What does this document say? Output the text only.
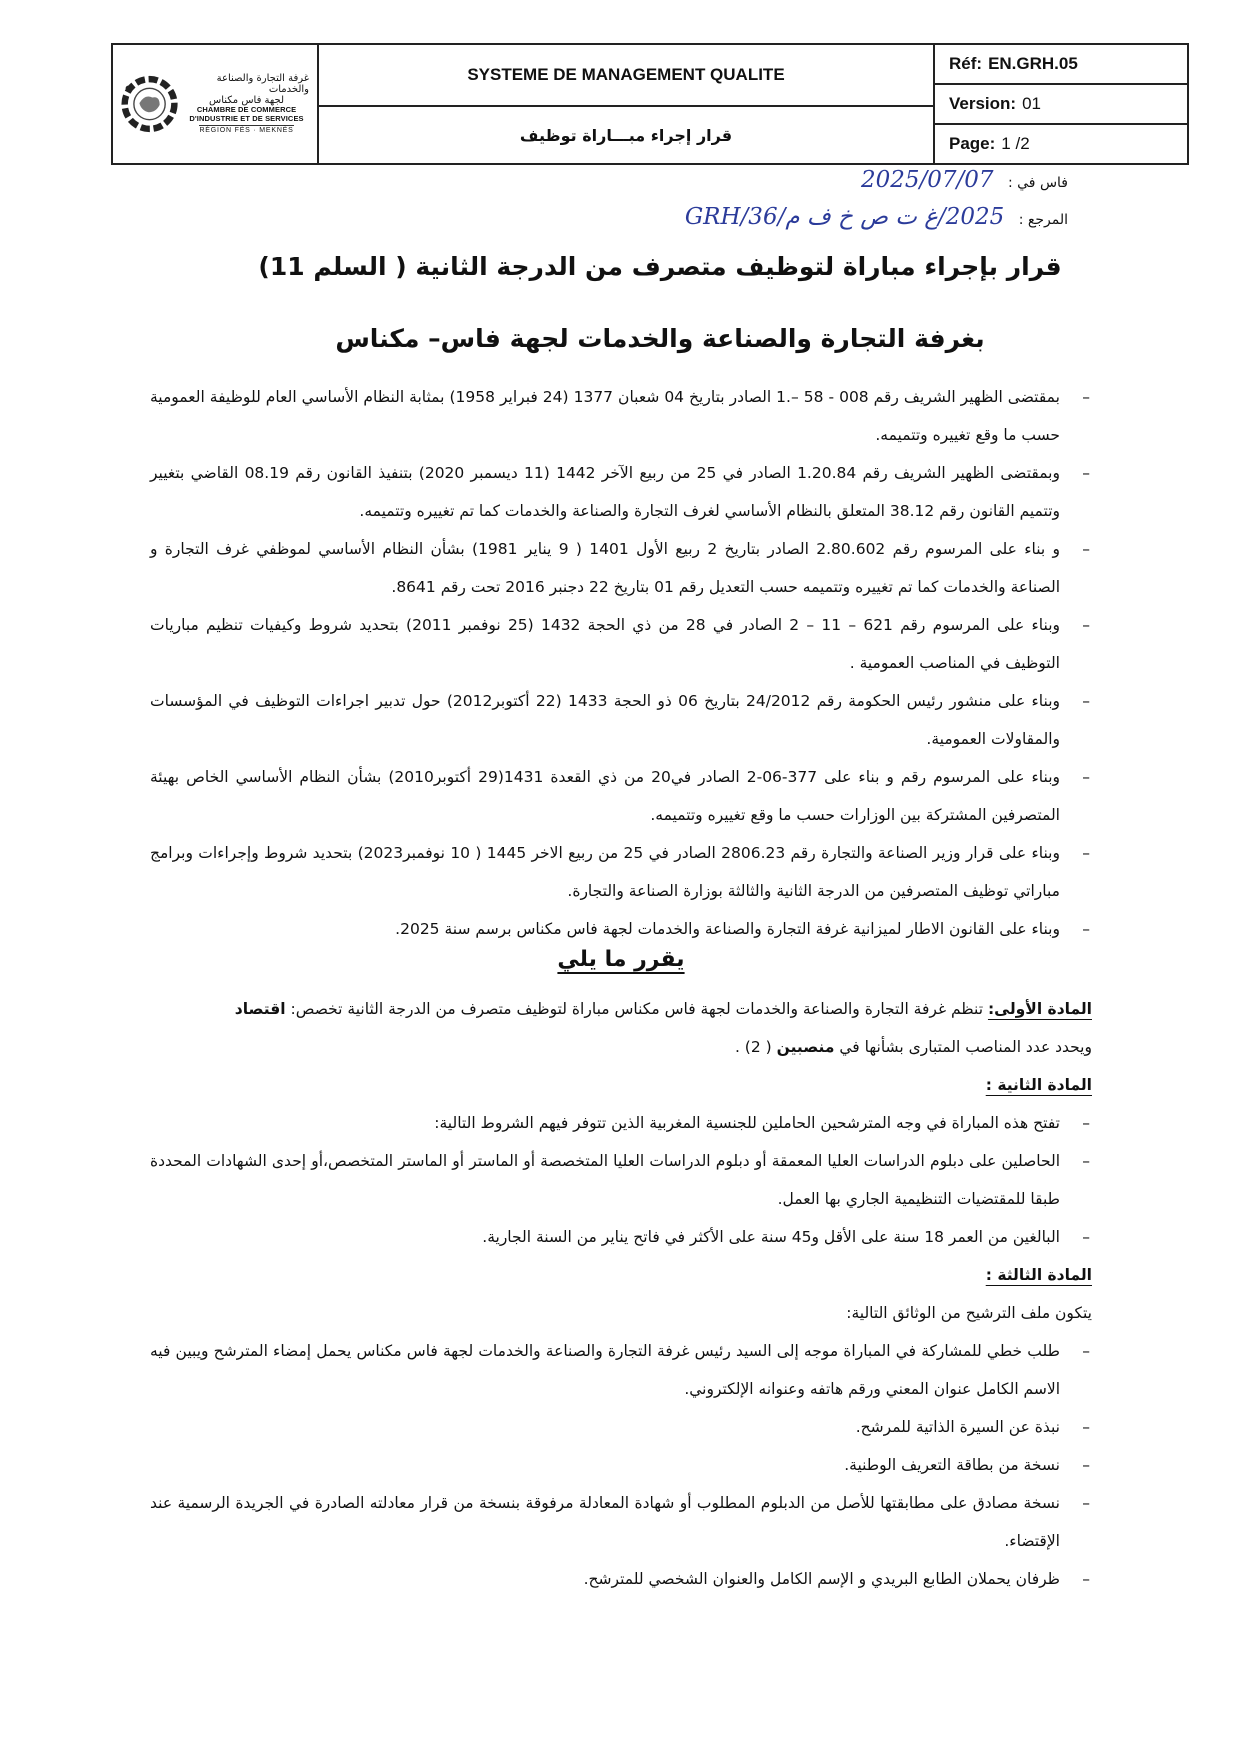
غرفة التجارة والصناعة والخدمات
لجهة فاس مكناس
CHAMBRE DE COMMERCE
D'INDUSTRIE ET DE SERVICES
RÉGION FÈS · MEKNÈS
SYSTEME DE MANAGEMENT QUALITE
قرار إجراء مبـــاراة توظيف
Réf: EN.GRH.05
Version: 01
Page: 1 /2
فاس في : 2025/07/07
المرجع : 2025/غ ت ص خ ف م/GRH/36
قرار بإجراء مباراة لتوظيف متصرف من الدرجة الثانية ( السلم 11)
بغرفة التجارة والصناعة والخدمات لجهة فاس– مكناس
– بمقتضى الظهير الشريف رقم 008 - 58 –.1 الصادر بتاريخ 04 شعبان 1377 (24 فبراير 1958) بمثابة النظام الأساسي العام للوظيفة العمومية حسب ما وقع تغييره وتتميمه.
– وبمقتضى الظهير الشريف رقم 1.20.84 الصادر في 25 من ربيع الآخر 1442 (11 ديسمبر 2020) بتنفيذ القانون رقم 08.19 القاضي بتغيير وتتميم القانون رقم 38.12 المتعلق بالنظام الأساسي لغرف التجارة والصناعة والخدمات كما تم تغييره وتتميمه.
– و بناء على المرسوم رقم 2.80.602 الصادر بتاريخ 2 ربيع الأول 1401 ( 9 يناير 1981) بشأن النظام الأساسي لموظفي غرف التجارة و الصناعة والخدمات كما تم تغييره وتتميمه حسب التعديل رقم 01 بتاريخ 22 دجنبر 2016 تحت رقم 8641.
– وبناء على المرسوم رقم 621 – 11 – 2 الصادر في 28 من ذي الحجة 1432 (25 نوفمبر 2011) بتحديد شروط وكيفيات تنظيم مباريات التوظيف في المناصب العمومية .
– وبناء على منشور رئيس الحكومة رقم 24/2012 بتاريخ 06 ذو الحجة 1433 (22 أكتوبر2012) حول تدبير اجراءات التوظيف في المؤسسات والمقاولات العمومية.
– وبناء على المرسوم رقم و بناء على 377-06-2 الصادر في20 من ذي القعدة 1431(29 أكتوبر2010) بشأن النظام الأساسي الخاص بهيئة المتصرفين المشتركة بين الوزارات حسب ما وقع تغييره وتتميمه.
– وبناء على قرار وزير الصناعة والتجارة رقم 2806.23 الصادر في 25 من ربيع الاخر 1445 ( 10 نوفمبر2023) بتحديد شروط وإجراءات وبرامج مباراتي توظيف المتصرفين من الدرجة الثانية والثالثة بوزارة الصناعة والتجارة.
– وبناء على القانون الاطار لميزانية غرفة التجارة والصناعة والخدمات لجهة فاس مكناس برسم سنة 2025.
يقرر ما يلي
المادة الأولى: تنظم غرفة التجارة والصناعة والخدمات لجهة فاس مكناس مباراة لتوظيف متصرف من الدرجة الثانية تخصص: اقتصاد
ويحدد عدد المناصب المتبارى بشأنها في منصبين ( 2) .
المادة الثانية :
– تفتح هذه المباراة في وجه المترشحين الحاملين للجنسية المغربية الذين تتوفر فيهم الشروط التالية:
– الحاصلين على دبلوم الدراسات العليا المعمقة أو دبلوم الدراسات العليا المتخصصة أو الماستر أو الماستر المتخصص،أو إحدى الشهادات المحددة طبقا للمقتضيات التنظيمية الجاري بها العمل.
– البالغين من العمر 18 سنة على الأقل و45 سنة على الأكثر في فاتح يناير من السنة الجارية.
المادة الثالثة :
يتكون ملف الترشيح من الوثائق التالية:
– طلب خطي للمشاركة في المباراة موجه إلى السيد رئيس غرفة التجارة والصناعة والخدمات لجهة فاس مكناس يحمل إمضاء المترشح ويبين فيه الاسم الكامل عنوان المعني ورقم هاتفه وعنوانه الإلكتروني.
– نبذة عن السيرة الذاتية للمرشح.
– نسخة من بطاقة التعريف الوطنية.
– نسخة مصادق على مطابقتها للأصل من الدبلوم المطلوب أو شهادة المعادلة مرفوقة بنسخة من قرار معادلته الصادرة في الجريدة الرسمية عند الإقتضاء.
– ظرفان يحملان الطابع البريدي و الإسم الكامل والعنوان الشخصي للمترشح.
